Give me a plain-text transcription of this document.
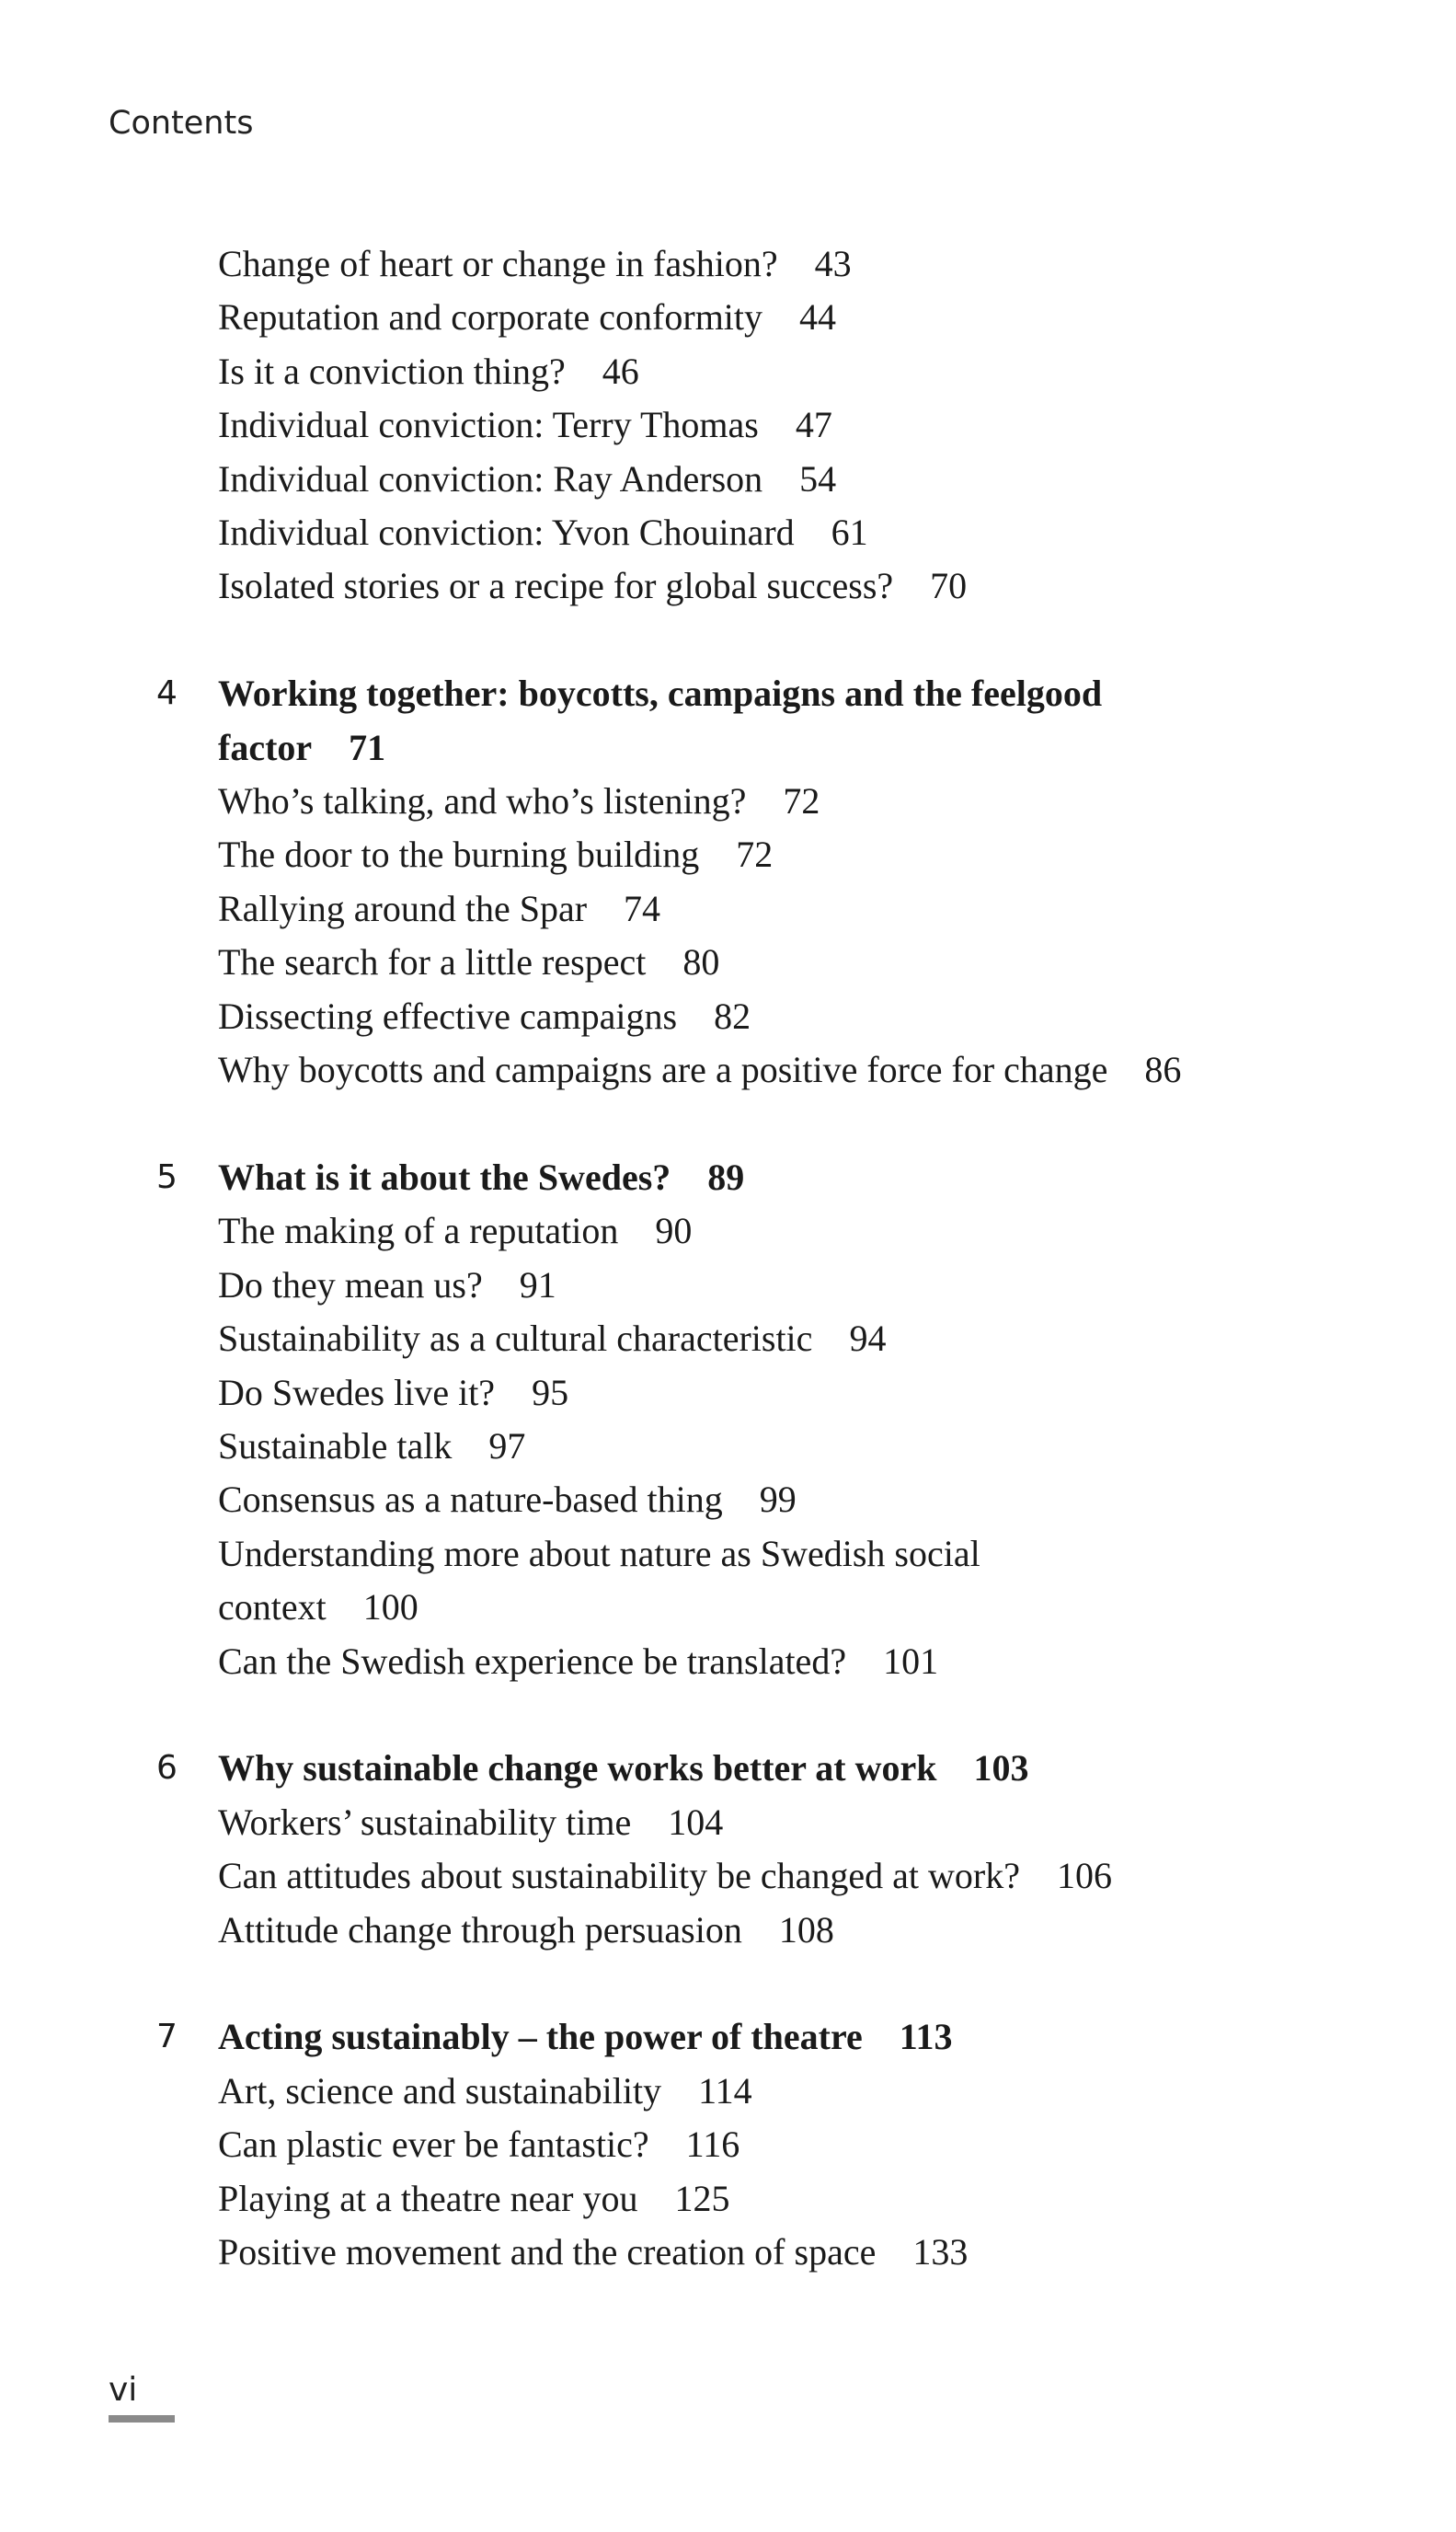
Contents
Change of heart or change in fashion? 43
Reputation and corporate conformity 44
Is it a conviction thing? 46
Individual conviction: Terry Thomas 47
Individual conviction: Ray Anderson 54
Individual conviction: Yvon Chouinard 61
Isolated stories or a recipe for global success? 70
4 Working together: boycotts, campaigns and the feelgood
factor 71
Who’s talking, and who’s listening? 72
The door to the burning building 72
Rallying around the Spar 74
The search for a little respect 80
Dissecting effective campaigns 82
Why boycotts and campaigns are a positive force for change 86
5 What is it about the Swedes? 89
The making of a reputation 90
Do they mean us? 91
Sustainability as a cultural characteristic 94
Do Swedes live it? 95
Sustainable talk 97
Consensus as a nature-based thing 99
Understanding more about nature as Swedish social
context 100
Can the Swedish experience be translated? 101
6 Why sustainable change works better at work 103
Workers’ sustainability time 104
Can attitudes about sustainability be changed at work? 106
Attitude change through persuasion 108
7 Acting sustainably – the power of theatre 113
Art, science and sustainability 114
Can plastic ever be fantastic? 116
Playing at a theatre near you 125
Positive movement and the creation of space 133
vi
